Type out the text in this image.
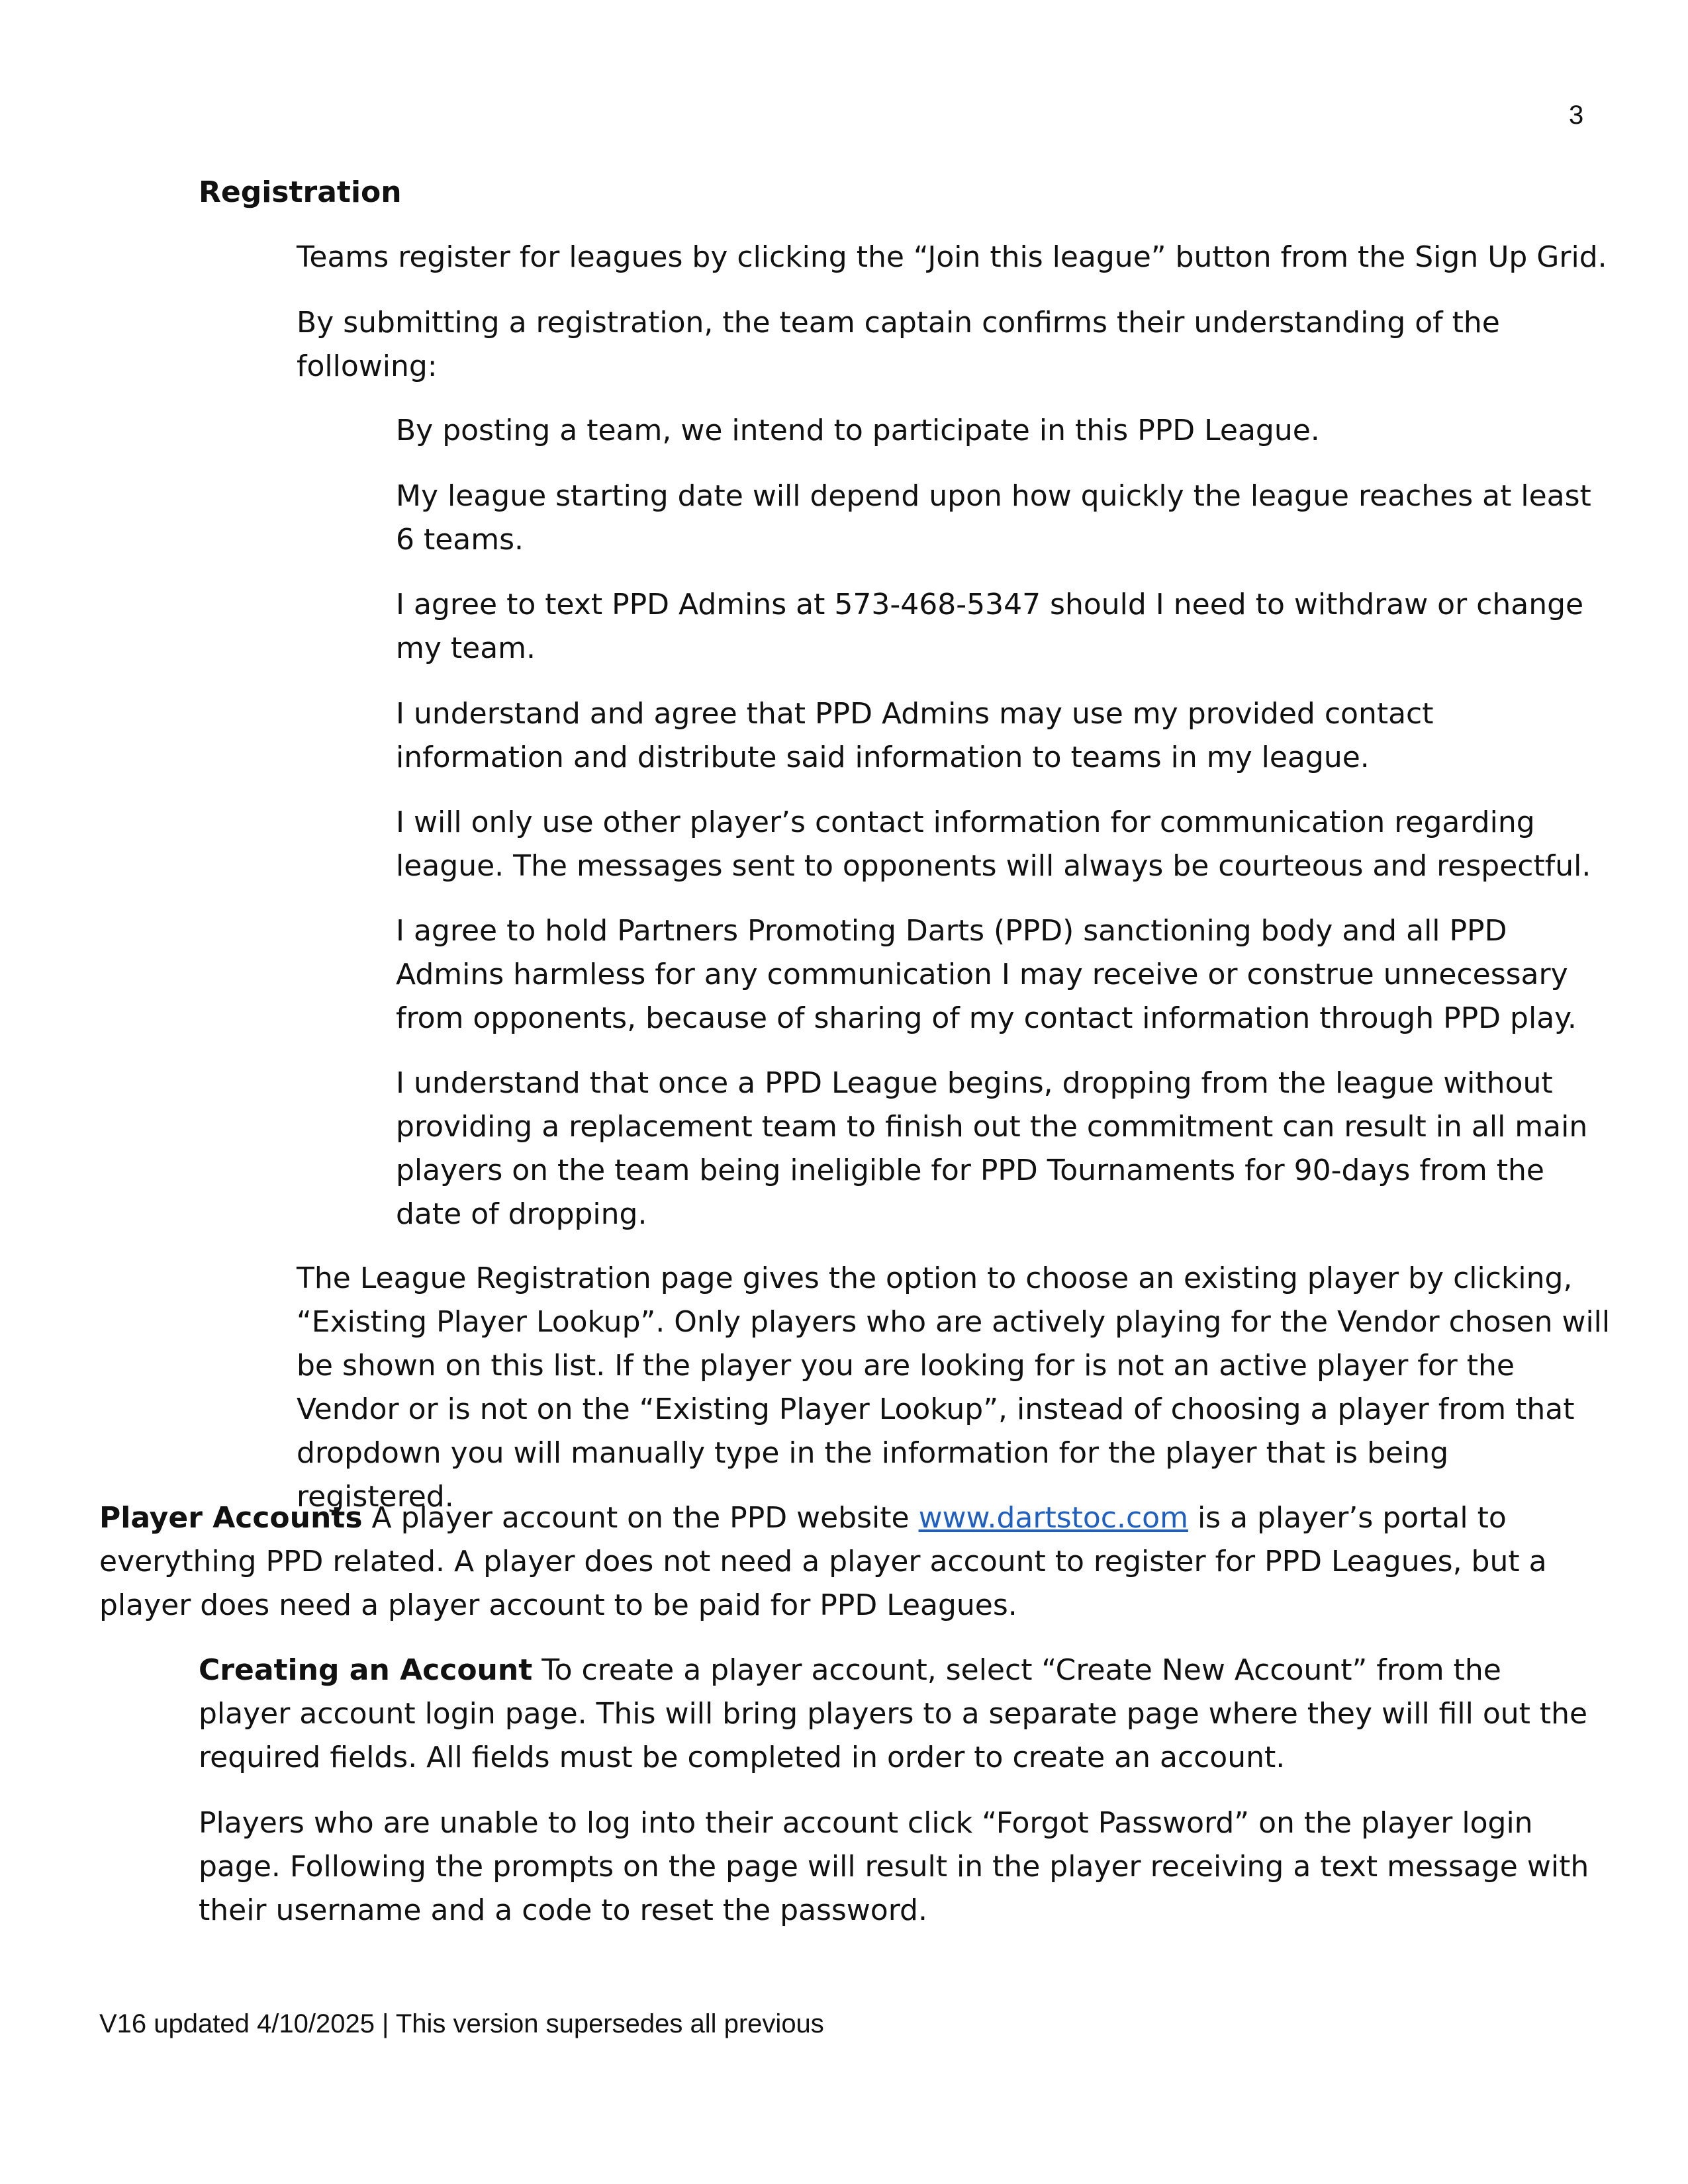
3

Registration

Teams register for leagues by clicking the “Join this league” button from the Sign Up Grid.

By submitting a registration, the team captain confirms their understanding of the following:

By posting a team, we intend to participate in this PPD League.

My league starting date will depend upon how quickly the league reaches at least 6 teams.

I agree to text PPD Admins at 573-468-5347 should I need to withdraw or change my team.

I understand and agree that PPD Admins may use my provided contact information and distribute said information to teams in my league.

I will only use other player’s contact information for communication regarding league. The messages sent to opponents will always be courteous and respectful.

I agree to hold Partners Promoting Darts (PPD) sanctioning body and all PPD Admins harmless for any communication I may receive or construe unnecessary from opponents, because of sharing of my contact information through PPD play.

I understand that once a PPD League begins, dropping from the league without providing a replacement team to finish out the commitment can result in all main players on the team being ineligible for PPD Tournaments for 90-days from the date of dropping.

The League Registration page gives the option to choose an existing player by clicking, “Existing Player Lookup”. Only players who are actively playing for the Vendor chosen will be shown on this list. If the player you are looking for is not an active player for the Vendor or is not on the “Existing Player Lookup”, instead of choosing a player from that dropdown you will manually type in the information for the player that is being registered.

Player Accounts A player account on the PPD website www.dartstoc.com is a player’s portal to everything PPD related. A player does not need a player account to register for PPD Leagues, but a player does need a player account to be paid for PPD Leagues.

Creating an Account To create a player account, select “Create New Account” from the player account login page. This will bring players to a separate page where they will fill out the required fields. All fields must be completed in order to create an account.

Players who are unable to log into their account click “Forgot Password” on the player login page. Following the prompts on the page will result in the player receiving a text message with their username and a code to reset the password.

V16 updated 4/10/2025 | This version supersedes all previous
